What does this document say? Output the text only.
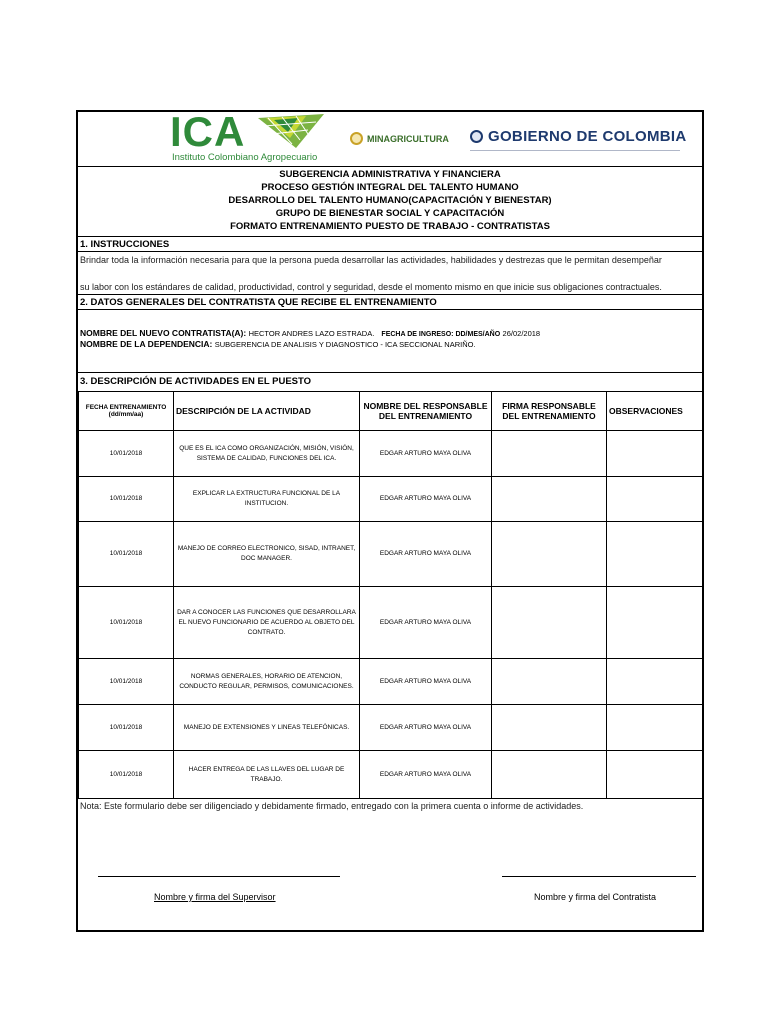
ICA
Instituto Colombiano Agropecuario
MINAGRICULTURA	GOBIERNO DE COLOMBIA
SUBGERENCIA ADMINISTRATIVA Y FINANCIERA
PROCESO GESTIÓN INTEGRAL DEL TALENTO HUMANO
DESARROLLO DEL TALENTO HUMANO(CAPACITACIÓN Y BIENESTAR)
GRUPO DE BIENESTAR SOCIAL Y CAPACITACIÓN
FORMATO ENTRENAMIENTO PUESTO DE TRABAJO - CONTRATISTAS
1. INSTRUCCIONES
Brindar toda la información necesaria para que la persona pueda desarrollar las actividades, habilidades y destrezas que le permitan desempeñar
su labor con los estándares de calidad, productividad, control y seguridad, desde el momento mismo en que inicie sus obligaciones contractuales.
2. DATOS GENERALES DEL CONTRATISTA QUE RECIBE EL ENTRENAMIENTO
NOMBRE DEL NUEVO CONTRATISTA(A): HECTOR ANDRES LAZO ESTRADA. FECHA DE INGRESO: DD/MES/AÑO 26/02/2018
NOMBRE DE LA DEPENDENCIA: SUBGERENCIA DE ANALISIS Y DIAGNOSTICO - ICA SECCIONAL NARIÑO.
3. DESCRIPCIÓN DE ACTIVIDADES EN EL PUESTO
FECHA ENTRENAMIENTO
(dd/mm/aa)	DESCRIPCIÓN DE LA ACTIVIDAD	NOMBRE DEL RESPONSABLE DEL ENTRENAMIENTO	FIRMA RESPONSABLE DEL ENTRENAMIENTO	OBSERVACIONES
10/01/2018	QUE ES EL ICA COMO ORGANIZACIÓN, MISIÓN, VISIÓN, SISTEMA DE CALIDAD, FUNCIONES DEL ICA.	EDGAR ARTURO MAYA OLIVA		
10/01/2018	EXPLICAR LA EXTRUCTURA FUNCIONAL DE LA INSTITUCION.	EDGAR ARTURO MAYA OLIVA		
10/01/2018	MANEJO DE CORREO ELECTRONICO, SISAD, INTRANET, DOC MANAGER.	EDGAR ARTURO MAYA OLIVA		
10/01/2018	DAR A CONOCER LAS FUNCIONES QUE DESARROLLARA EL NUEVO FUNCIONARIO DE ACUERDO AL OBJETO DEL CONTRATO.	EDGAR ARTURO MAYA OLIVA		
10/01/2018	NORMAS GENERALES, HORARIO DE ATENCION, CONDUCTO REGULAR, PERMISOS, COMUNICACIONES.	EDGAR ARTURO MAYA OLIVA		
10/01/2018	MANEJO DE EXTENSIONES Y LINEAS TELEFÓNICAS.	EDGAR ARTURO MAYA OLIVA		
10/01/2018	HACER ENTREGA DE LAS LLAVES DEL LUGAR DE TRABAJO.	EDGAR ARTURO MAYA OLIVA		
Nota: Este formulario debe ser diligenciado y debidamente firmado, entregado con la primera cuenta o informe de actividades.
Nombre y firma del Supervisor	Nombre y firma del Contratista
